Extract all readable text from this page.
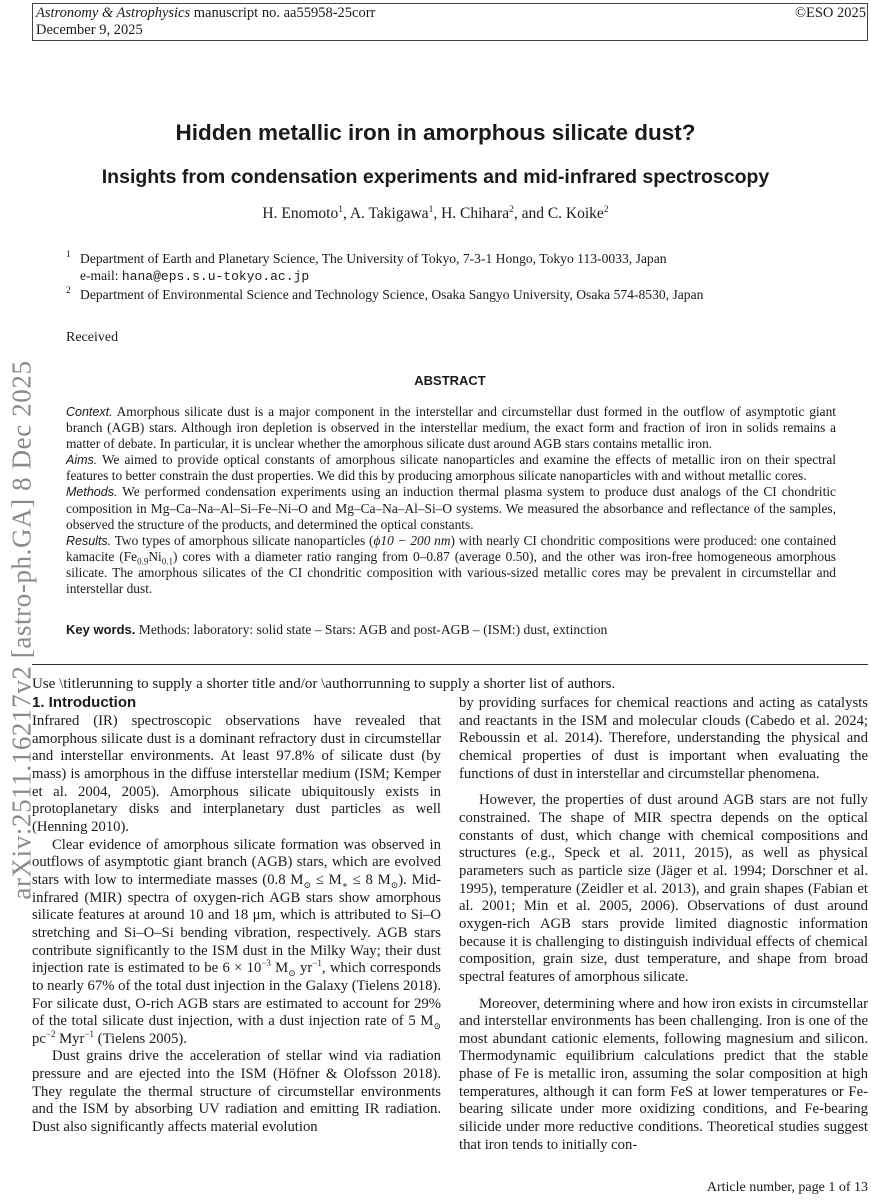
Astronomy & Astrophysics manuscript no. aa55958-25corr
December 9, 2025
©ESO 2025
arXiv:2511.16217v2 [astro-ph.GA] 8 Dec 2025
Hidden metallic iron in amorphous silicate dust?
Insights from condensation experiments and mid-infrared spectroscopy
H. Enomoto$^1$, A. Takigawa$^1$, H. Chihara$^2$, and C. Koike$^2$
1 Department of Earth and Planetary Science, The University of Tokyo, 7-3-1 Hongo, Tokyo 113-0033, Japan
e-mail: hana@eps.s.u-tokyo.ac.jp
2 Department of Environmental Science and Technology Science, Osaka Sangyo University, Osaka 574-8530, Japan
Received
ABSTRACT

Context. Amorphous silicate dust is a major component in the interstellar and circumstellar dust formed in the outflow of asymptotic giant branch (AGB) stars. Although iron depletion is observed in the interstellar medium, the exact form and fraction of iron in solids remains a matter of debate. In particular, it is unclear whether the amorphous silicate dust around AGB stars contains metallic iron.

Aims. We aimed to provide optical constants of amorphous silicate nanoparticles and examine the effects of metallic iron on their spectral features to better constrain the dust properties. We did this by producing amorphous silicate nanoparticles with and without metallic cores.

Methods. We performed condensation experiments using an induction thermal plasma system to produce dust analogs of the CI chondritic composition in Mg–Ca–Na–Al–Si–Fe–Ni–O and Mg–Ca–Na–Al–Si–O systems. We measured the absorbance and reflectance of the samples, observed the structure of the products, and determined the optical constants.

Results. Two types of amorphous silicate nanoparticles (ϕ10 − 200 nm) with nearly CI chondritic compositions were produced: one contained kamacite $(Fe_{0.9}Ni_{0.1})$ cores with a diameter ratio ranging from 0–0.87 (average 0.50), and the other was iron-free homogeneous amorphous silicate. The amorphous silicates of the CI chondritic composition with various-sized metallic cores may be prevalent in circumstellar and interstellar dust.

Key words. Methods: laboratory: solid state – Stars: AGB and post-AGB – (ISM:) dust, extinction
Use \titlerunning to supply a shorter title and/or \authorrunning to supply a shorter list of authors.
1. Introduction

Infrared (IR) spectroscopic observations have revealed that amorphous silicate dust is a dominant refractory dust in circumstellar and interstellar environments. At least 97.8% of silicate dust (by mass) is amorphous in the diffuse interstellar medium (ISM; Kemper et al. 2004, 2005). Amorphous silicate ubiquitously exists in protoplanetary disks and interplanetary dust particles as well (Henning 2010).

Clear evidence of amorphous silicate formation was observed in outflows of asymptotic giant branch (AGB) stars, which are evolved stars with low to intermediate masses (0.8 $M_⊙ \le M_∗ \le 8$ $M_⊙$). Mid-infrared (MIR) spectra of oxygen-rich AGB stars show amorphous silicate features at around 10 and 18 μm, which is attributed to Si–O stretching and Si–O–Si bending vibration, respectively. AGB stars contribute significantly to the ISM dust in the Milky Way; their dust injection rate is estimated to be $6 \times 10^{-3}$ $M_⊙$ $yr^{-1}$, which corresponds to nearly 67% of the total dust injection in the Galaxy (Tielens 2018). For silicate dust, O-rich AGB stars are estimated to account for 29% of the total silicate dust injection, with a dust injection rate of 5 $M_⊙$ $pc^{-2}$ Myr$^{-1}$ (Tielens 2005).

Dust grains drive the acceleration of stellar wind via radiation pressure and are ejected into the ISM (Höfner & Olofsson 2018). They regulate the thermal structure of circumstellar environments and the ISM by absorbing UV radiation and emitting IR radiation. Dust also significantly affects material evolution

by providing surfaces for chemical reactions and acting as catalysts and reactants in the ISM and molecular clouds (Cabedo et al. 2024; Reboussin et al. 2014). Therefore, understanding the physical and chemical properties of dust is important when evaluating the functions of dust in interstellar and circumstellar phenomena.

However, the properties of dust around AGB stars are not fully constrained. The shape of MIR spectra depends on the optical constants of dust, which change with chemical compositions and structures (e.g., Speck et al. 2011, 2015), as well as physical parameters such as particle size (Jäger et al. 1994; Dorschner et al. 1995), temperature (Zeidler et al. 2013), and grain shapes (Fabian et al. 2001; Min et al. 2005, 2006). Observations of dust around oxygen-rich AGB stars provide limited diagnostic information because it is challenging to distinguish individual effects of chemical composition, grain size, dust temperature, and shape from broad spectral features of amorphous silicate.

Moreover, determining where and how iron exists in circumstellar and interstellar environments has been challenging. Iron is one of the most abundant cationic elements, following magnesium and silicon. Thermodynamic equilibrium calculations predict that the stable phase of Fe is metallic iron, assuming the solar composition at high temperatures, although it can form FeS at lower temperatures or Fe-bearing silicate under more oxidizing conditions, and Fe-bearing silicide under more reductive conditions. Theoretical studies suggest that iron tends to initially con-

Article number, page 1 of 13
